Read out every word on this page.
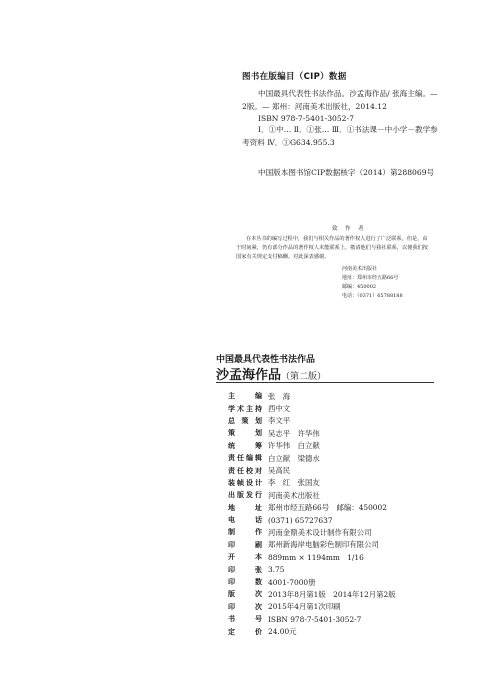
图书在版编目（CIP）数据
中国最具代表性书法作品。沙孟海作品/ 张海主编。— 2版。— 郑州：河南美术出版社，2014.12
ISBN 978-7-5401-3052-7

Ⅰ．①中… Ⅱ．①张… Ⅲ．①书法课－中小学－教学参考资料 Ⅳ．①G634.955.3

中国版本图书馆CIP数据核字（2014）第288069号

致 作 者

在本丛书的编写过程中，我们与相关作品的著作权人进行了广泛联系，但是，由于时间紧，仍有部分作品的著作权人未能联系上，敬请他们与我社联系，以便我们按国家有关规定支付稿酬。对此深表感谢。

河南美术出版社
地址：郑州市经五路66号
邮编：450002
电话：（0371）65788188
中国最具代表性书法作品
沙孟海作品（第二版）
主　编 张　海
学术主持 西中文
总 策 划 李文平
策　划 吴志平　许华伟
统　筹 许华伟　白立献
责任编辑 白立献　梁德水
责任校对 吴高民
装帧设计 李　红　张国友
出版发行 河南美术出版社
地　址 郑州市经五路66号　邮编：450002
电　话 (0371) 65727637
制　作 河南金鼎美术设计制作有限公司
印　刷 郑州新海岸电脑彩色制印有限公司
开　本 889mm × 1194mm　1/16
印　张 3.75
印　数 4001-7000册
版　次 2013年8月第1版　2014年12月第2版
印　次 2015年4月第1次印刷
书　号 ISBN 978-7-5401-3052-7
定　价 24.00元
